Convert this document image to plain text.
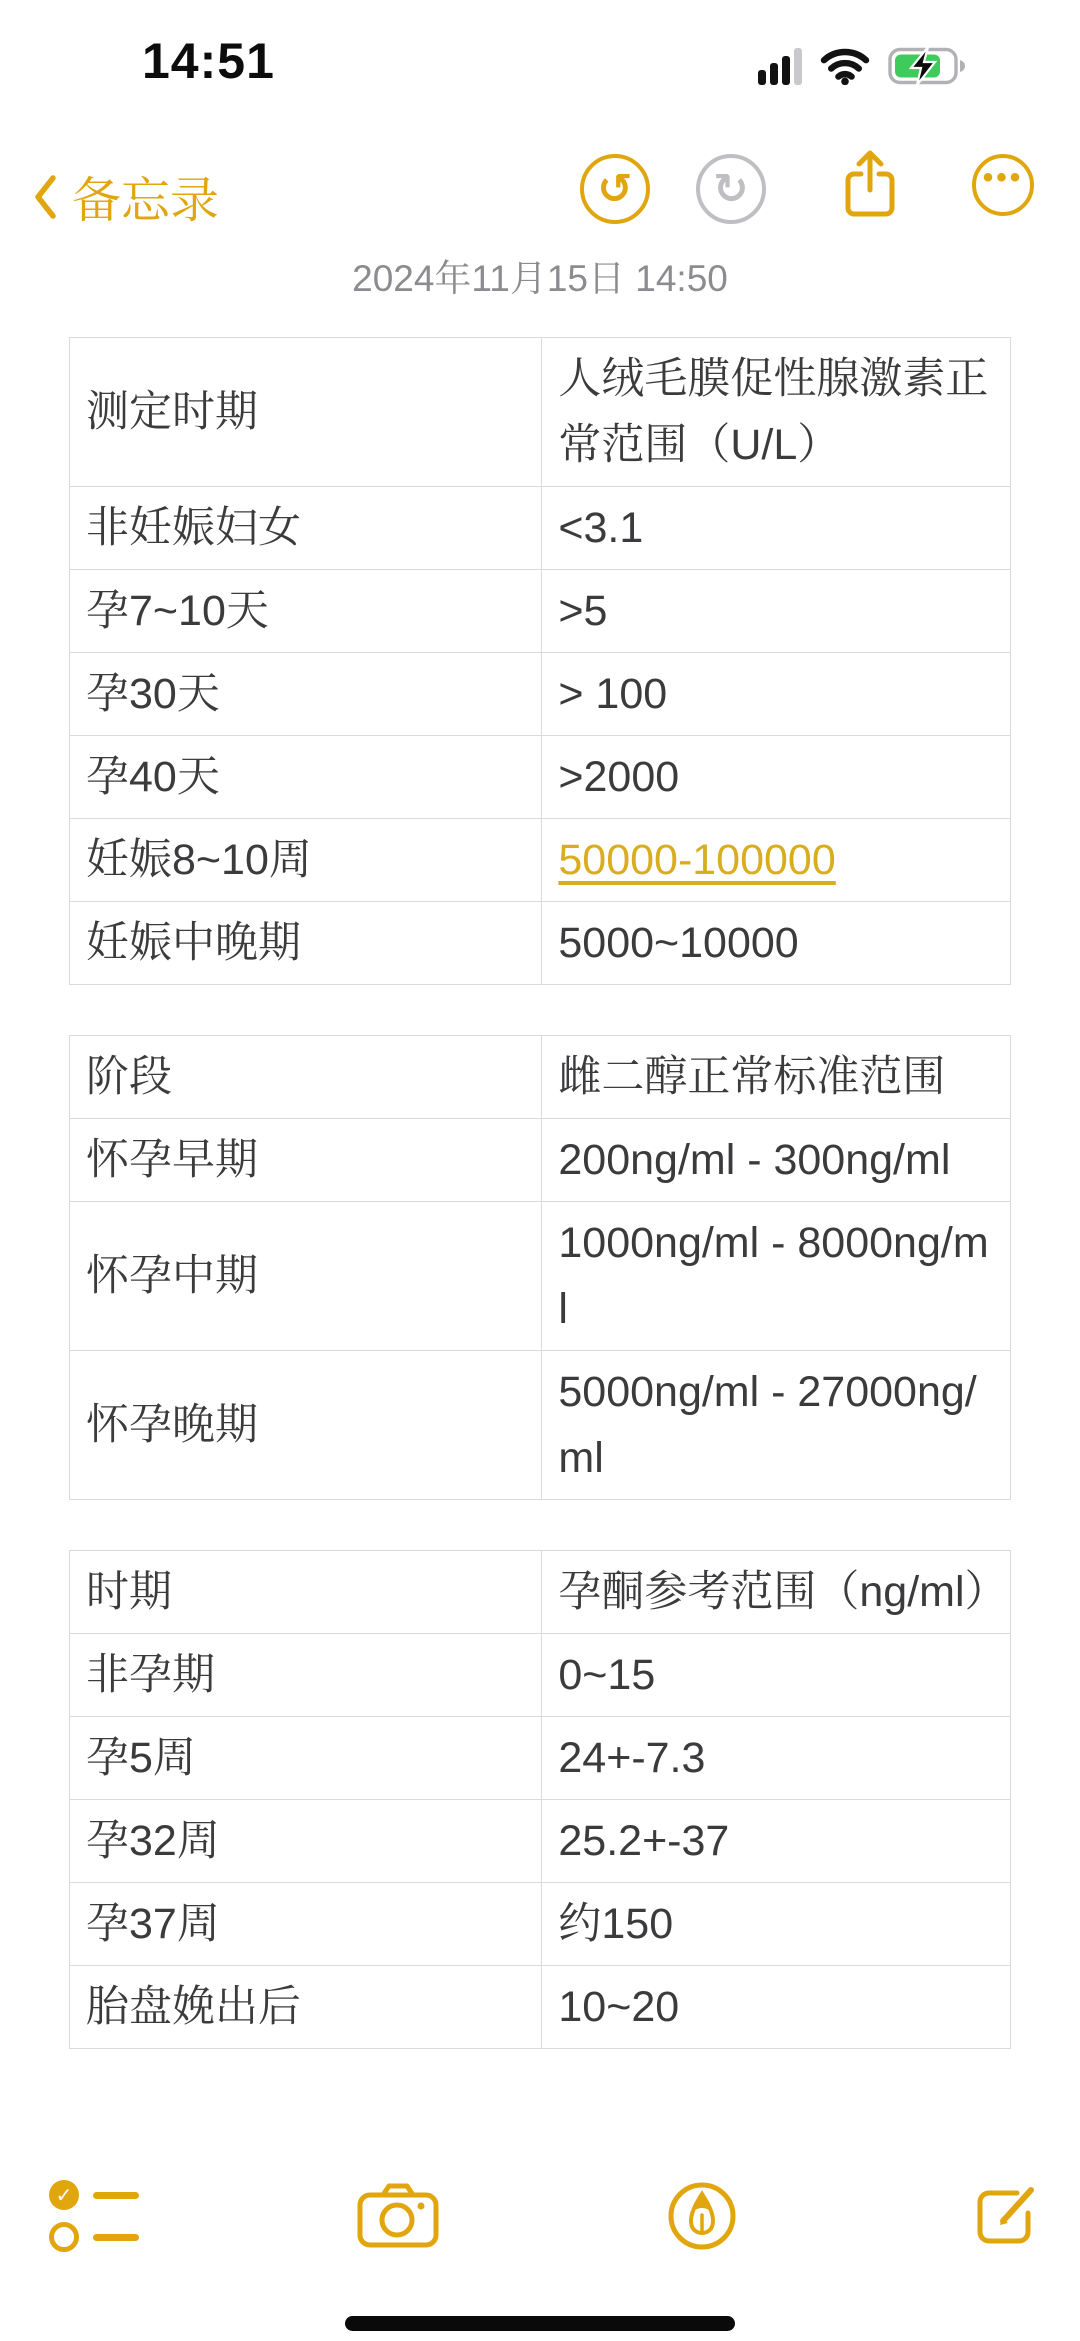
14:51
备忘录	↺ ↻	•••
2024年11月15日 14:50
测定时期	人绒毛膜促性腺激素正常范围（U/L）
非妊娠妇女	<3.1
孕7~10天	>5
孕30天	> 100
孕40天	>2000
妊娠8~10周	50000-100000
妊娠中晚期	5000~10000
阶段	雌二醇正常标准范围
怀孕早期	200ng/ml - 300ng/ml
怀孕中期	1000ng/ml - 8000ng/ml
怀孕晚期	5000ng/ml - 27000ng/ml
时期	孕酮参考范围（ng/ml）
非孕期	0~15
孕5周	24+-7.3
孕32周	25.2+-37
孕37周	约150
胎盘娩出后	10~20
✓
